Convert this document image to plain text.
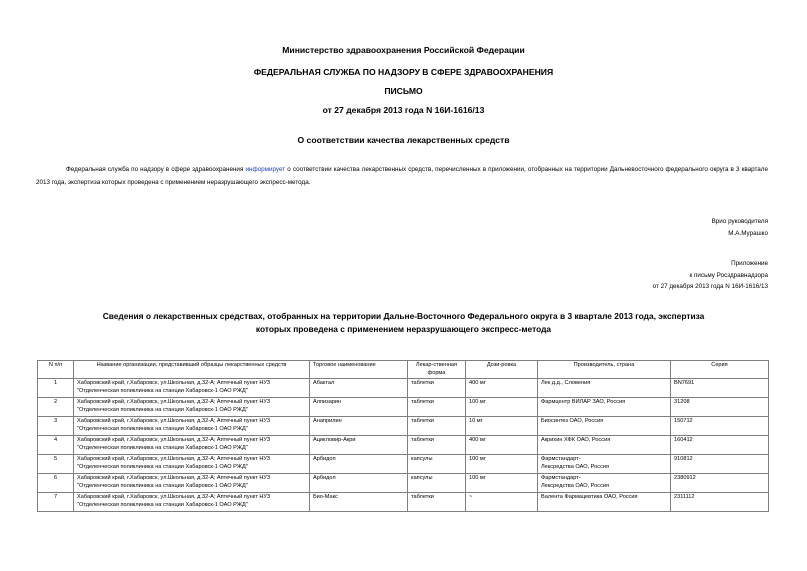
Министерство здравоохранения Российской Федерации
ФЕДЕРАЛЬНАЯ СЛУЖБА ПО НАДЗОРУ В СФЕРЕ ЗДРАВООХРАНЕНИЯ
ПИСЬМО
от 27 декабря 2013 года N 16И-1616/13
О соответствии качества лекарственных средств
Федеральная служба по надзору в сфере здравоохранения информирует о соответствии качества лекарственных средств, перечисленных в приложении, отобранных на территории Дальневосточного федерального округа в 3 квартале 2013 года, экспертиза которых проведена с применением неразрушающего экспресс-метода.
Врио руководителя
М.А.Мурашко
Приложение
к письму Росздравнадзора
от 27 декабря 2013 года N 16И-1616/13
Сведения о лекарственных средствах, отобранных на территории Дальне-Восточного Федерального округа в 3 квартале 2013 года, экспертиза которых проведена с применением неразрушающего экспресс-метода
N п/п	Название организации, представивший образцы лекарственных средств	Торговое наименование	Лекар-ственная форма	Дози-ровка	Производитель, страна	Серия
1	Хабаровский край, г.Хабаровск, ул.Школьная, д.32-А; Аптечный пункт НУЗ "Отделенческая поликлиника на станции Хабаровск-1 ОАО РЖД"	Абактал	таблетки	400 мг	Лек д.д., Словения	BN7691
2	Хабаровский край, г.Хабаровск, ул.Школьная, д.32-А; Аптечный пункт НУЗ "Отделенческая поликлиника на станции Хабаровск-1 ОАО РЖД"	Алпизарин	таблетки	100 мг	Фармцентр ВИЛАР ЗАО, Россия	31208
3	Хабаровский край, г.Хабаровск, ул.Школьная, д.32-А; Аптечный пункт НУЗ "Отделенческая поликлиника на станции Хабаровск-1 ОАО РЖД"	Анаприлин	таблетки	10 мг	Биосинтез ОАО, Россия	150712
4	Хабаровский край, г.Хабаровск, ул.Школьная, д.32-А; Аптечный пункт НУЗ "Отделенческая поликлиника на станции Хабаровск-1 ОАО РЖД"	Ацикловир-Акри	таблетки	400 мг	Акрихин ХФК ОАО, Россия	160412
5	Хабаровский край, г.Хабаровск, ул.Школьная, д.32-А; Аптечный пункт НУЗ "Отделенческая поликлиника на станции Хабаровск-1 ОАО РЖД"	Арбидол	капсулы	100 мг	Фармстандарт-
Лексредства ОАО, Россия	910812
6	Хабаровский край, г.Хабаровск, ул.Школьная, д.32-А; Аптечный пункт НУЗ "Отделенческая поликлиника на станции Хабаровск-1 ОАО РЖД"	Арбидол	капсулы	100 мг	Фармстандарт-
Лексредства ОАО, Россия	2380912
7	Хабаровский край, г.Хабаровск, ул.Школьная, д.32-А; Аптечный пункт НУЗ "Отделенческая поликлиника на станции Хабаровск-1 ОАО РЖД"	Био-Макс	таблетки	~	Валента Фармацевтика ОАО, Россия	2311112
